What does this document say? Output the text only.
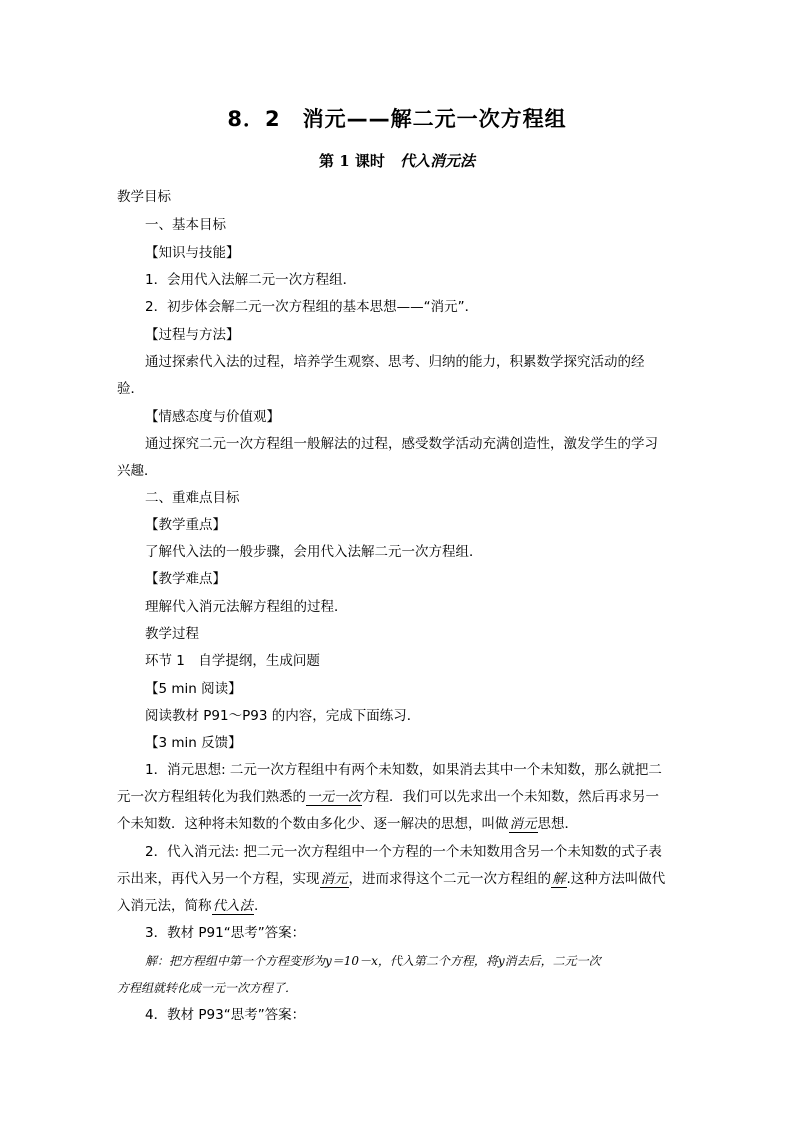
8．2　消元——解二元一次方程组
第 1 课时　 代入消元法
教学目标
一、基本目标
【知识与技能】
1．会用代入法解二元一次方程组．
2．初步体会解二元一次方程组的基本思想——“消元”．
【过程与方法】
通过探索代入法的过程，培养学生观察、思考、归纳的能力，积累数学探究活动的经
验．
【情感态度与价值观】
通过探究二元一次方程组一般解法的过程，感受数学活动充满创造性，激发学生的学习
兴趣．
二、重难点目标
【教学重点】
了解代入法的一般步骤，会用代入法解二元一次方程组．
【教学难点】
理解代入消元法解方程组的过程．
教学过程
环节 1　自学提纲，生成问题
【5 min 阅读】
阅读教材 P91～P93 的内容，完成下面练习．
【3 min 反馈】
1．消元思想: 二元一次方程组中有两个未知数，如果消去其中一个未知数，那么就把二
元一次方程组转化为我们熟悉的一元一次方程．我们可以先求出一个未知数，然后再求另一
个未知数．这种将未知数的个数由多化少、逐一解决的思想，叫做消元思想．
2．代入消元法: 把二元一次方程组中一个方程的一个未知数用含另一个未知数的式子表
示出来，再代入另一个方程，实现消元，进而求得这个二元一次方程组的解.这种方法叫做代
入消元法，简称代入法.
3．教材 P91“思考”答案：
解：把方程组中第一个方程变形为y＝10－x，代入第二个方程，将y消去后，二元一次
方程组就转化成一元一次方程了．
4．教材 P93“思考”答案：
